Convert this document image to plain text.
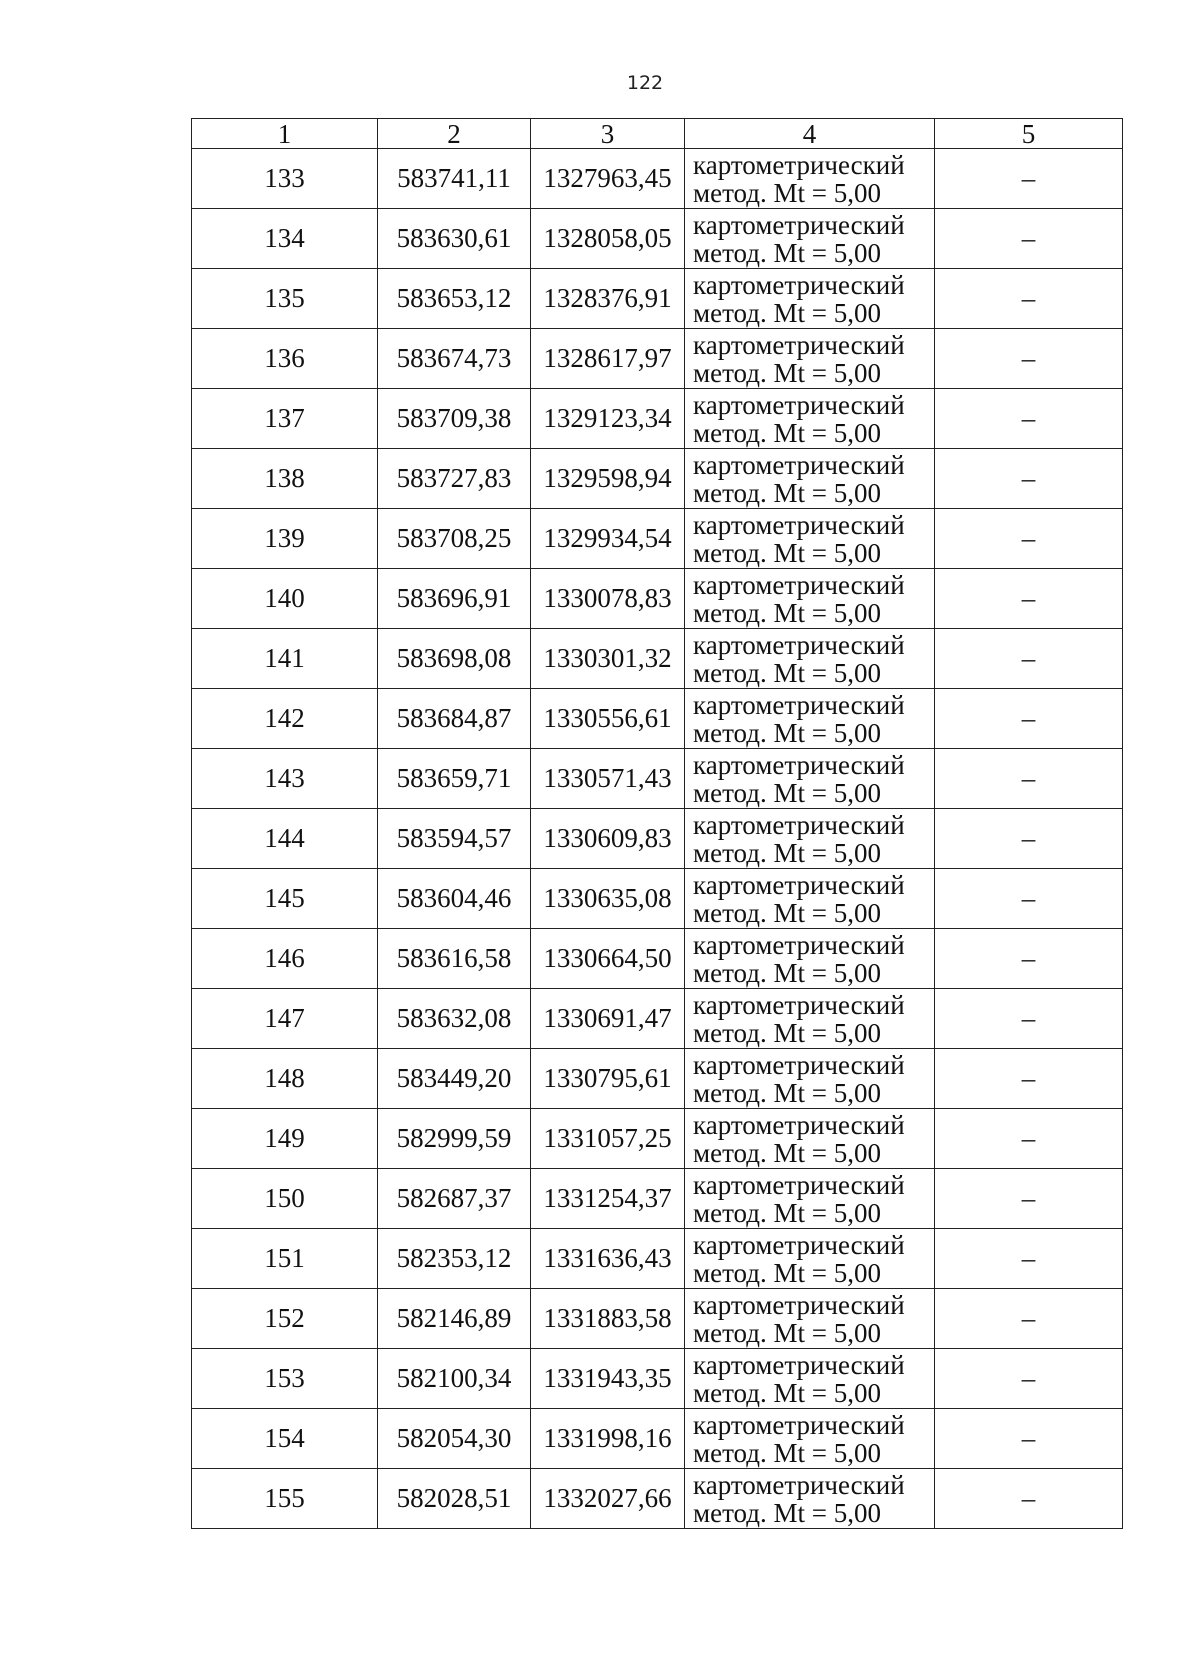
122
1	2	3	4	5
133	583741,11	1327963,45	картометрический
метод. Mt = 5,00	–
134	583630,61	1328058,05	картометрический
метод. Mt = 5,00	–
135	583653,12	1328376,91	картометрический
метод. Mt = 5,00	–
136	583674,73	1328617,97	картометрический
метод. Mt = 5,00	–
137	583709,38	1329123,34	картометрический
метод. Mt = 5,00	–
138	583727,83	1329598,94	картометрический
метод. Mt = 5,00	–
139	583708,25	1329934,54	картометрический
метод. Mt = 5,00	–
140	583696,91	1330078,83	картометрический
метод. Mt = 5,00	–
141	583698,08	1330301,32	картометрический
метод. Mt = 5,00	–
142	583684,87	1330556,61	картометрический
метод. Mt = 5,00	–
143	583659,71	1330571,43	картометрический
метод. Mt = 5,00	–
144	583594,57	1330609,83	картометрический
метод. Mt = 5,00	–
145	583604,46	1330635,08	картометрический
метод. Mt = 5,00	–
146	583616,58	1330664,50	картометрический
метод. Mt = 5,00	–
147	583632,08	1330691,47	картометрический
метод. Mt = 5,00	–
148	583449,20	1330795,61	картометрический
метод. Mt = 5,00	–
149	582999,59	1331057,25	картометрический
метод. Mt = 5,00	–
150	582687,37	1331254,37	картометрический
метод. Mt = 5,00	–
151	582353,12	1331636,43	картометрический
метод. Mt = 5,00	–
152	582146,89	1331883,58	картометрический
метод. Mt = 5,00	–
153	582100,34	1331943,35	картометрический
метод. Mt = 5,00	–
154	582054,30	1331998,16	картометрический
метод. Mt = 5,00	–
155	582028,51	1332027,66	картометрический
метод. Mt = 5,00	–
